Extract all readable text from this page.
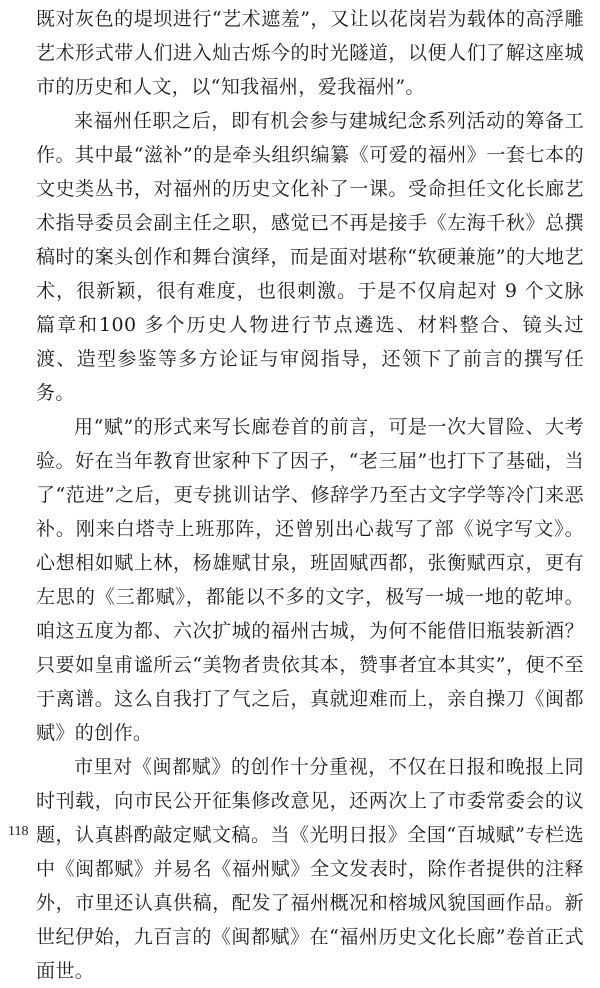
既对灰色的堤坝进行“艺术遮羞”，又让以花岗岩为载体的高浮雕艺术形式带人们进入灿古烁今的时光隧道，以便人们了解这座城市的历史和人文，以“知我福州，爱我福州”。

来福州任职之后，即有机会参与建城纪念系列活动的筹备工作。其中最“滋补”的是牵头组织编纂《可爱的福州》一套七本的文史类丛书，对福州的历史文化补了一课。受命担任文化长廊艺术指导委员会副主任之职，感觉已不再是接手《左海千秋》总撰稿时的案头创作和舞台演绎，而是面对堪称“软硬兼施”的大地艺术，很新颖，很有难度，也很刺激。于是不仅肩起对 9 个文脉篇章和100 多个历史人物进行节点遴选、材料整合、镜头过渡、造型参鉴等多方论证与审阅指导，还领下了前言的撰写任务。

用“赋”的形式来写长廊卷首的前言，可是一次大冒险、大考验。好在当年教育世家种下了因子，“老三届”也打下了基础，当了“范进”之后，更专挑训诂学、修辞学乃至古文字学等冷门来恶补。刚来白塔寺上班那阵，还曾别出心裁写了部《说字写文》。心想相如赋上林，杨雄赋甘泉，班固赋西都，张衡赋西京，更有左思的《三都赋》，都能以不多的文字，极写一城一地的乾坤。咱这五度为都、六次扩城的福州古城，为何不能借旧瓶装新酒？只要如皇甫谧所云“美物者贵依其本，赞事者宜本其实”，便不至于离谱。这么自我打了气之后，真就迎难而上，亲自操刀《闽都赋》的创作。

市里对《闽都赋》的创作十分重视，不仅在日报和晚报上同时刊载，向市民公开征集修改意见，还两次上了市委常委会的议题，认真斟酌敲定赋文稿。当《光明日报》全国“百城赋”专栏选中《闽都赋》并易名《福州赋》全文发表时，除作者提供的注释外，市里还认真供稿，配发了福州概况和榕城风貌国画作品。新世纪伊始，九百言的《闽都赋》在“福州历史文化长廊”卷首正式面世。

118
